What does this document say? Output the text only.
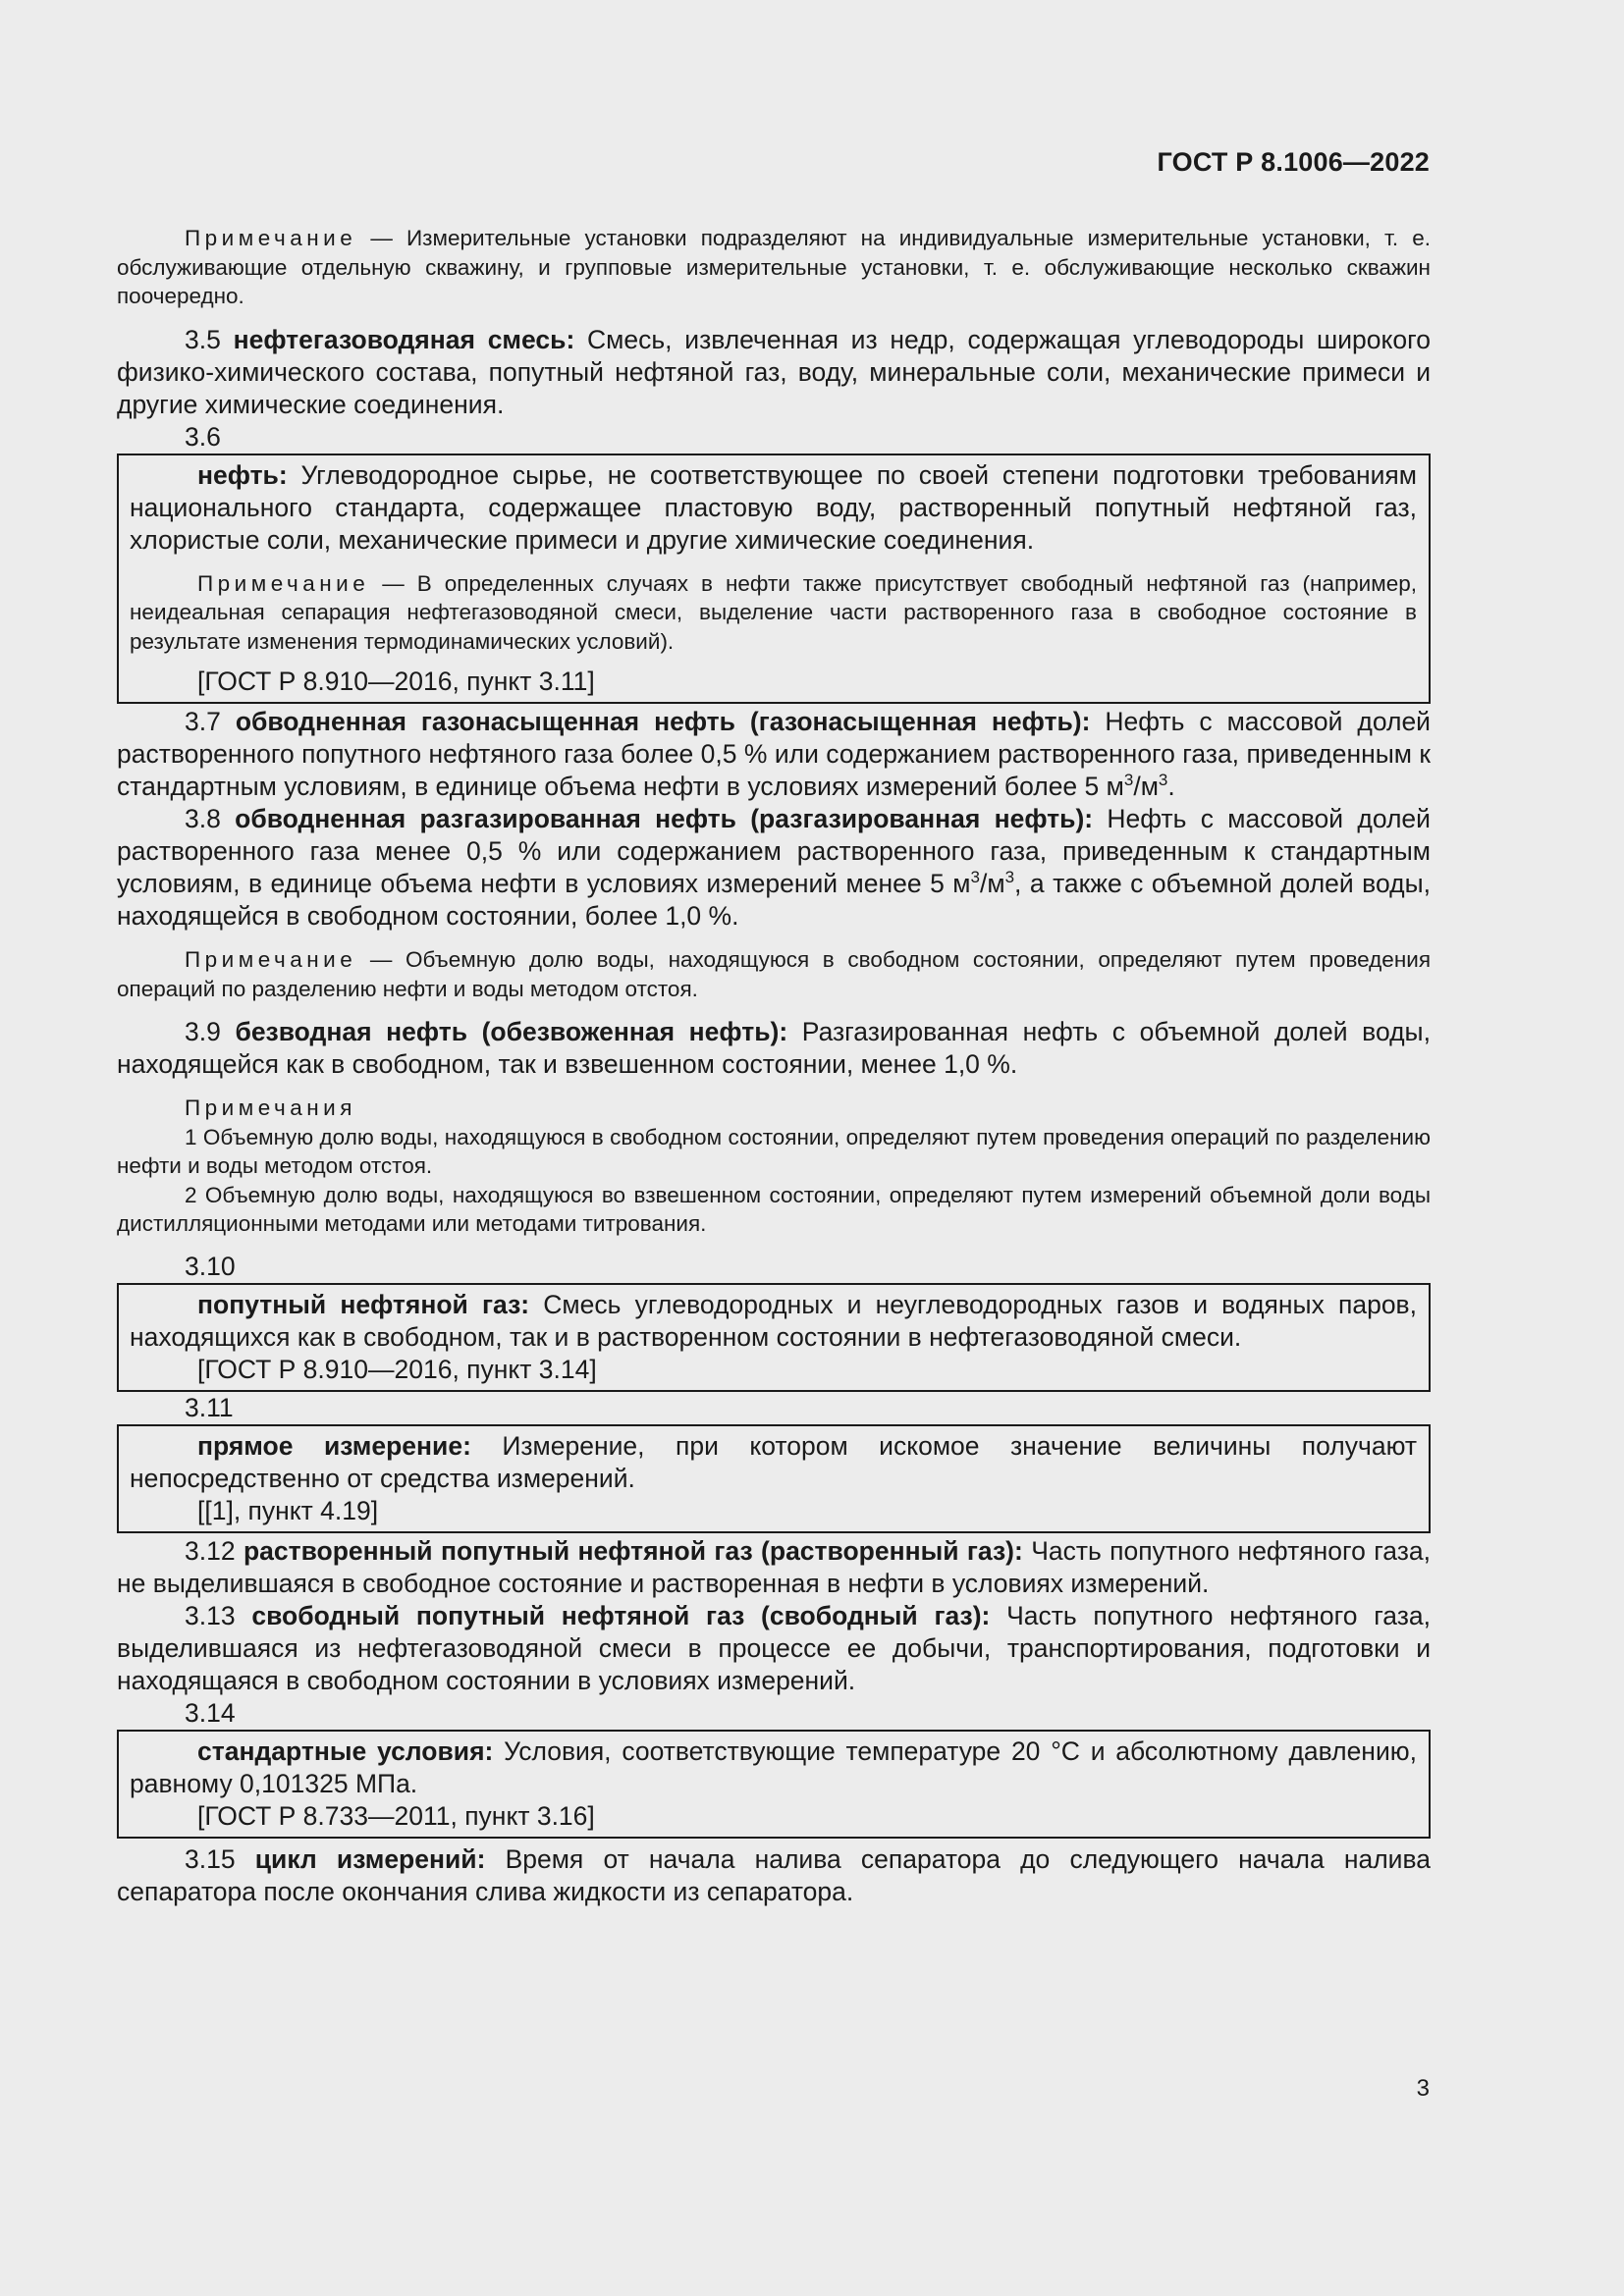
ГОСТ Р 8.1006—2022

Примечание — Измерительные установки подразделяют на индивидуальные измерительные установки, т. е. обслуживающие отдельную скважину, и групповые измерительные установки, т. е. обслуживающие несколько скважин поочередно.

3.5 нефтегазоводяная смесь: Смесь, извлеченная из недр, содержащая углеводороды широкого физико-химического состава, попутный нефтяной газ, воду, минеральные соли, механические примеси и другие химические соединения.

3.6

нефть: Углеводородное сырье, не соответствующее по своей степени подготовки требованиям национального стандарта, содержащее пластовую воду, растворенный попутный нефтяной газ, хлористые соли, механические примеси и другие химические соединения.

Примечание — В определенных случаях в нефти также присутствует свободный нефтяной газ (например, неидеальная сепарация нефтегазоводяной смеси, выделение части растворенного газа в свободное состояние в результате изменения термодинамических условий).

[ГОСТ Р 8.910—2016, пункт 3.11]

3.7 обводненная газонасыщенная нефть (газонасыщенная нефть): Нефть с массовой долей растворенного попутного нефтяного газа более 0,5 % или содержанием растворенного газа, приведенным к стандартным условиям, в единице объема нефти в условиях измерений более 5 $м^3/м^3$.

3.8 обводненная разгазированная нефть (разгазированная нефть): Нефть с массовой долей растворенного газа менее 0,5 % или содержанием растворенного газа, приведенным к стандартным условиям, в единице объема нефти в условиях измерений менее 5 $м^3/м^3$, а также с объемной долей воды, находящейся в свободном состоянии, более 1,0 %.

Примечание — Объемную долю воды, находящуюся в свободном состоянии, определяют путем проведения операций по разделению нефти и воды методом отстоя.

3.9 безводная нефть (обезвоженная нефть): Разгазированная нефть с объемной долей воды, находящейся как в свободном, так и взвешенном состоянии, менее 1,0 %.

Примечания

1 Объемную долю воды, находящуюся в свободном состоянии, определяют путем проведения операций по разделению нефти и воды методом отстоя.

2 Объемную долю воды, находящуюся во взвешенном состоянии, определяют путем измерений объемной доли воды дистилляционными методами или методами титрования.

3.10

попутный нефтяной газ: Смесь углеводородных и неуглеводородных газов и водяных паров, находящихся как в свободном, так и в растворенном состоянии в нефтегазоводяной смеси.

[ГОСТ Р 8.910—2016, пункт 3.14]
3.11

прямое измерение: Измерение, при котором искомое значение величины получают непосредственно от средства измерений.

[[1], пункт 4.19]

3.12 растворенный попутный нефтяной газ (растворенный газ): Часть попутного нефтяного газа, не выделившаяся в свободное состояние и растворенная в нефти в условиях измерений.

3.13 свободный попутный нефтяной газ (свободный газ): Часть попутного нефтяного газа, выделившаяся из нефтегазоводяной смеси в процессе ее добычи, транспортирования, подготовки и находящаяся в свободном состоянии в условиях измерений.

3.14

стандартные условия: Условия, соответствующие температуре 20 °С и абсолютному давлению, равному 0,101325 МПа.

[ГОСТ Р 8.733—2011, пункт 3.16]

3.15 цикл измерений: Время от начала налива сепаратора до следующего начала налива сепаратора после окончания слива жидкости из сепаратора.

3
